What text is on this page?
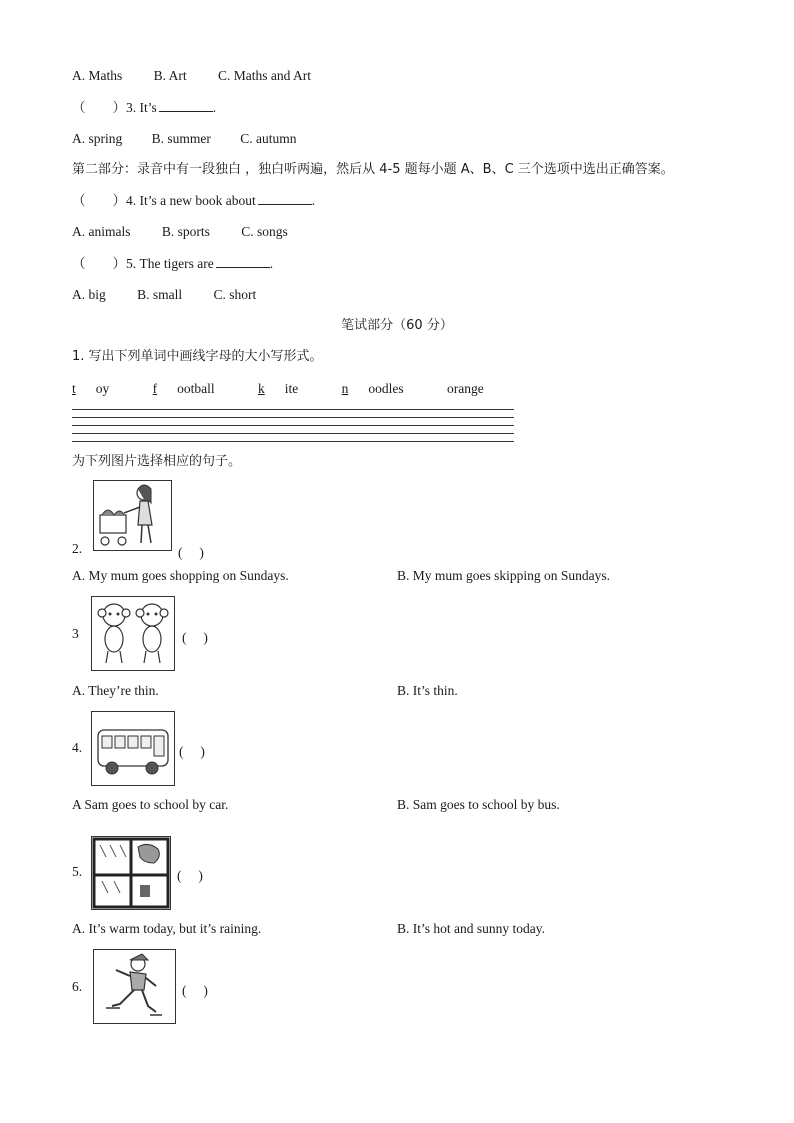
A. Maths B. Art C. Maths and Art
（　　）3. It’s	.
A. spring B. summer C. autumn
第二部分：录音中有一段独白 ，独白听两遍，然后从 4-5 题每小题 A、B、C 三个选项中选出正确答案。
（　　）4. It’s a new book about	.
A. animals B. sports C. songs
（　　）5. The tigers are	.
A. big B. small C. short
笔试部分（60 分）
1. 写出下列单词中画线字母的大小写形式。
t oy	f ootball	k ite	n oodles	orange
为下列图片选择相应的句子。
2.	(　 )
A. My mum goes shopping on Sundays.	B. My mum goes skipping on Sundays.
3	(　 )
A. They’re thin.	B. It’s thin.
4.	(　 )
A Sam goes to school by car.	B. Sam goes to school by bus.
5.	(　 )
A. It’s warm today, but it’s raining.	B. It’s hot and sunny today.
6.	(　 )
